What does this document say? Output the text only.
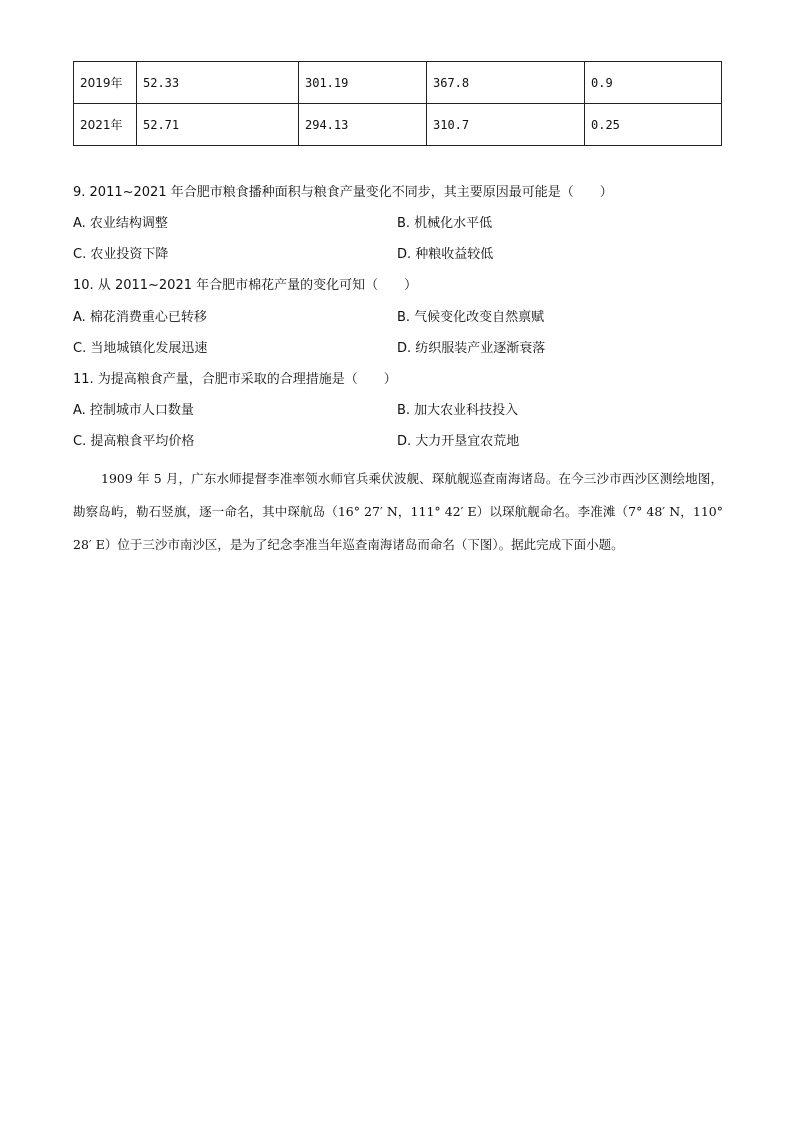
2019年	52.33	301.19	367.8	0.9
2021年	52.71	294.13	310.7	0.25
9. 2011~2021 年合肥市粮食播种面积与粮食产量变化不同步，其主要原因最可能是（　　）
A. 农业结构调整	B. 机械化水平低
C. 农业投资下降	D. 种粮收益较低
10. 从 2011~2021 年合肥市棉花产量的变化可知（　　）
A. 棉花消费重心已转移	B. 气候变化改变自然禀赋
C. 当地城镇化发展迅速	D. 纺织服装产业逐渐衰落
11. 为提高粮食产量，合肥市采取的合理措施是（　　）
A. 控制城市人口数量	B. 加大农业科技投入
C. 提高粮食平均价格	D. 大力开垦宜农荒地
1909 年 5 月，广东水师提督李准率领水师官兵乘伏波舰、琛航舰巡查南海诸岛。在今三沙市西沙区测绘地图，勘察岛屿，勒石竖旗，逐一命名，其中琛航岛（16° 27′ N，111° 42′ E）以琛航舰命名。李准滩（7° 48′ N，110° 28′ E）位于三沙市南沙区，是为了纪念李准当年巡查南海诸岛而命名（下图）。据此完成下面小题。
